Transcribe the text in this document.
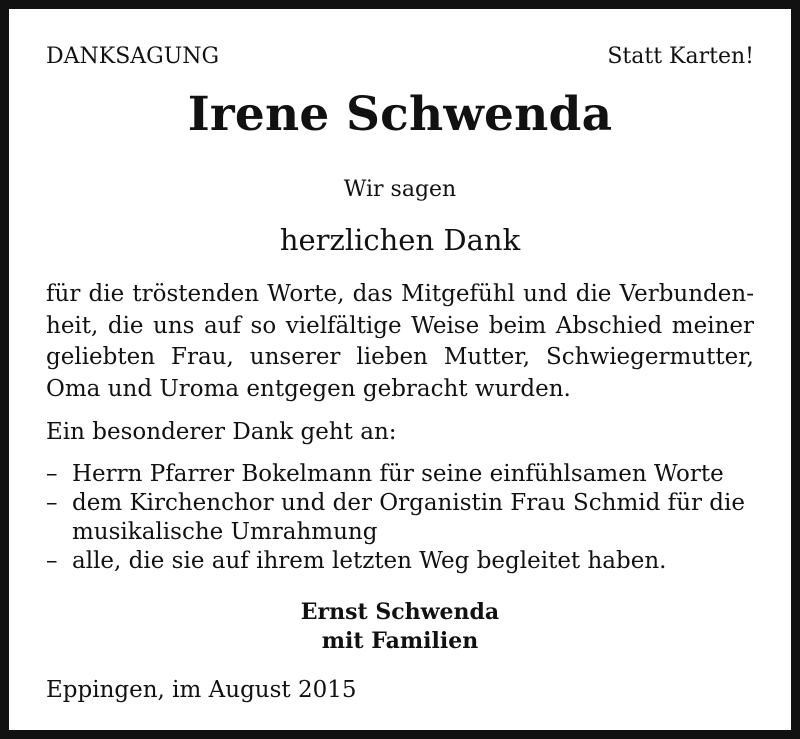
DANKSAGUNG	Statt Karten!
Irene Schwenda
Wir sagen
herzlichen Dank
für die tröstenden Worte, das Mitgefühl und die Verbundenheit, die uns auf so vielfältige Weise beim Abschied meiner geliebten Frau, unserer lieben Mutter, Schwiegermutter, Oma und Uroma entgegen gebracht wurden.
Ein besonderer Dank geht an:
– Herrn Pfarrer Bokelmann für seine einfühlsamen Worte
– dem Kirchenchor und der Organistin Frau Schmid für die musikalische Umrahmung
– alle, die sie auf ihrem letzten Weg begleitet haben.
Ernst Schwenda
mit Familien
Eppingen, im August 2015
